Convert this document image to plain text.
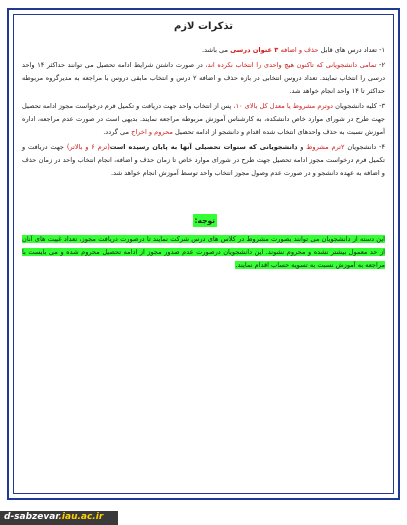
تذکرات لازم
۱- تعداد درس های قابل حذف و اضافه ۳ عنوان درسی می باشد.
۲- تمامی دانشجویانی که تاکنون هیچ واحدی را انتخاب نکرده اند، در صورت داشتن شرایط ادامه تحصیل می توانند حداکثر ۱۴ واحد درسی را انتخاب نمایند. تعداد دروس انتخابی در بازه حذف و اضافه ۲ درس و انتخاب مابقی دروس با مراجعه به مدیرگروه مربوطه حداکثر تا ۱۴ واحد انجام خواهد شد.
۳- کلیه دانشجویان دوترم مشروط یا معدل کل بالای ۱۰، پس از انتخاب واحد جهت دریافت و تکمیل فرم درخواست مجوز ادامه تحصیل جهت طرح در شورای موارد خاص دانشکده، به کارشناس آموزش مربوطه مراجعه نمایند. بدیهی است در صورت عدم مراجعه، اداره آموزش نسبت به حذف واحدهای انتخاب شده اقدام و دانشجو از ادامه تحصیل محروم و اخراج می گردد.
۴- دانشجویان ۲ترم مشروط و دانشجویانی که سنوات تحصیلی آنها به پایان رسیده است(ترم ۶ و بالاتر) جهت دریافت و تکمیل فرم درخواست مجوز ادامه تحصیل جهت طرح در شورای موارد خاص تا زمان حذف و اضافه، انجام انتخاب واحد در زمان حذف و اضافه به عهده دانشجو و در صورت عدم وصول مجوز انتخاب واحد توسط آموزش انجام خواهد شد.
توجه:
این دسته از دانشجویان می توانند بصورت مشروط در کلاس های درس شرکت نمایند تا درصورت دریافت مجوز، تعداد غیبت های آنان از حد معمول بیشتر نشده و محروم نشوند. این دانشجویان درصورت عدم صدور مجوز از ادامه تحصیل محروم شده و می بایست با مراجعه به آموزش نسبت به تسویه حساب اقدام نمایند.
d-sabzevar.iau.ac.ir
